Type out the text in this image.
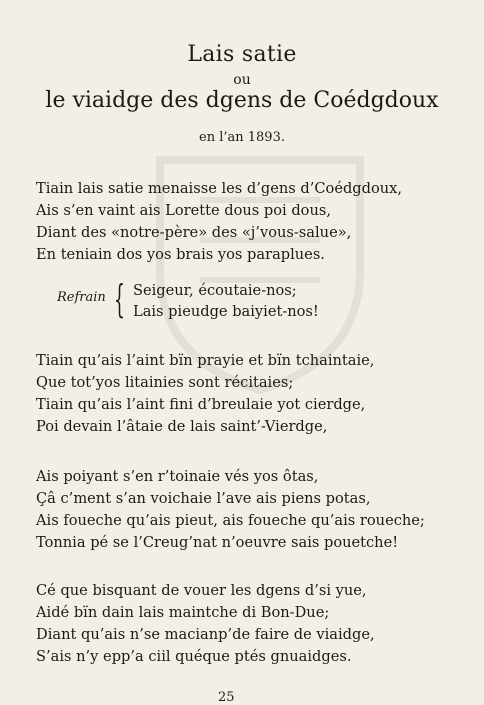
Lais satie
ou
le viaidge des dgens de Coédgdoux
en l’an 1893.
Tiain lais satie menaisse les d’gens d’Coédgdoux,
Ais s’en vaint ais Lorette dous poi dous,
Diant des «notre-père» des «j’vous-salue»,
En teniain dos yos brais yos paraplues.
Refrain { Seigeur, écoutaie-nos;
Lais pieudge baiyiet-nos!
Tiain qu’ais l’aint bïn prayie et bïn tchaintaie,
Que tot’yos litainies sont récitaies;
Tiain qu’ais l’aint fini d’breulaie yot cierdge,
Poi devain l’âtaie de lais saint’-Vierdge,
Ais poiyant s’en r’toinaie vés yos ôtas,
Çâ c’ment s’an voichaie l’ave ais piens potas,
Ais foueche qu’ais pieut, ais foueche qu’ais roueche;
Tonnia pé se l’Creug’nat n’oeuvre sais pouetche!
Cé que bisquant de vouer les dgens d’si yue,
Aidé bïn dain lais maintche di Bon-Due;
Diant qu’ais n’se macianp’de faire de viaidge,
S’ais n’y epp’a ciil quéque ptés gnuaidges.
25
